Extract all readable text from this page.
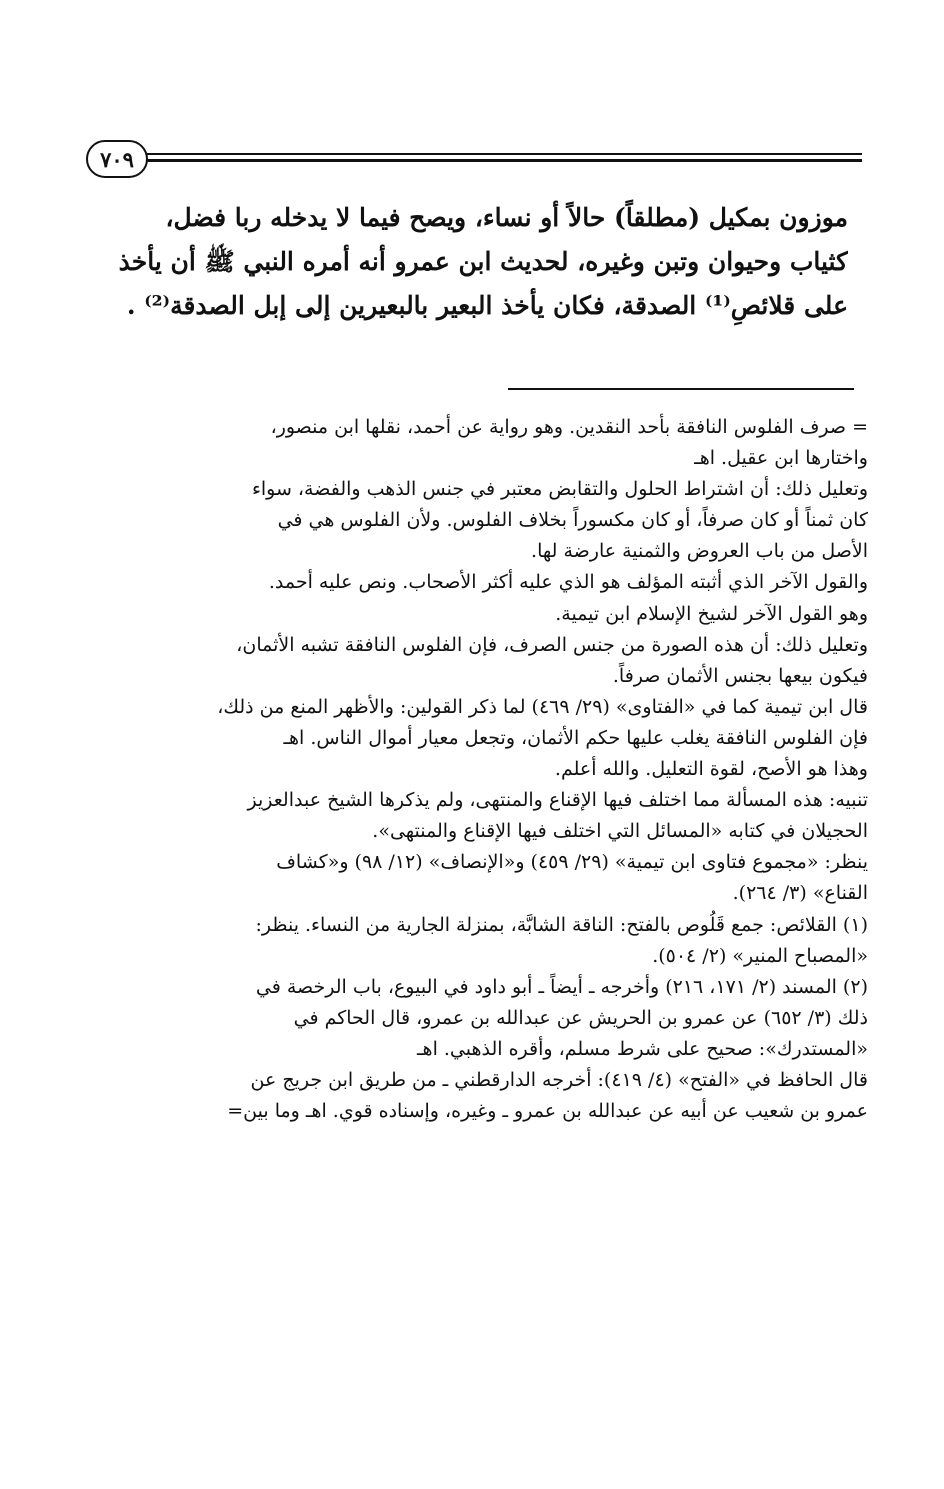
٧٠٩
موزون بمكيل (مطلقاً) حالاً أو نساء، ويصح فيما لا يدخله ربا فضل،
كثياب وحيوان وتبن وغيره، لحديث ابن عمرو أنه أمره النبي ﷺ أن يأخذ
على قلائصِ⁽¹⁾ الصدقة، فكان يأخذ البعير بالبعيرين إلى إبل الصدقة⁽²⁾ .
= صرف الفلوس النافقة بأحد النقدين. وهو رواية عن أحمد، نقلها ابن منصور،
واختارها ابن عقيل. اهـ
وتعليل ذلك: أن اشتراط الحلول والتقابض معتبر في جنس الذهب والفضة، سواء
كان ثمناً أو كان صرفاً، أو كان مكسوراً بخلاف الفلوس. ولأن الفلوس هي في
الأصل من باب العروض والثمنية عارضة لها.
والقول الآخر الذي أثبته المؤلف هو الذي عليه أكثر الأصحاب. ونص عليه أحمد.
وهو القول الآخر لشيخ الإسلام ابن تيمية.
وتعليل ذلك: أن هذه الصورة من جنس الصرف، فإن الفلوس النافقة تشبه الأثمان،
فيكون بيعها بجنس الأثمان صرفاً.
قال ابن تيمية كما في «الفتاوى» (٢٩/ ٤٦٩) لما ذكر القولين: والأظهر المنع من ذلك،
فإن الفلوس النافقة يغلب عليها حكم الأثمان، وتجعل معيار أموال الناس. اهـ
وهذا هو الأصح، لقوة التعليل. والله أعلم.
تنبيه: هذه المسألة مما اختلف فيها الإقناع والمنتهى، ولم يذكرها الشيخ عبدالعزيز
الحجيلان في كتابه «المسائل التي اختلف فيها الإقناع والمنتهى».
ينظر: «مجموع فتاوى ابن تيمية» (٢٩/ ٤٥٩) و«الإنصاف» (١٢/ ٩٨) و«كشاف
القناع» (٣/ ٢٦٤).
(١) القلائص: جمع قَلُوص بالفتح: الناقة الشابَّة، بمنزلة الجارية من النساء. ينظر:
«المصباح المنير» (٢/ ٥٠٤).
(٢) المسند (٢/ ١٧١، ٢١٦) وأخرجه ـ أيضاً ـ أبو داود في البيوع، باب الرخصة في
ذلك (٣/ ٦٥٢) عن عمرو بن الحريش عن عبدالله بن عمرو، قال الحاكم في
«المستدرك»: صحيح على شرط مسلم، وأقره الذهبي. اهـ
قال الحافظ في «الفتح» (٤/ ٤١٩): أخرجه الدارقطني ـ من طريق ابن جريج عن
عمرو بن شعيب عن أبيه عن عبدالله بن عمرو ـ وغيره، وإسناده قوي. اهـ وما بين=
